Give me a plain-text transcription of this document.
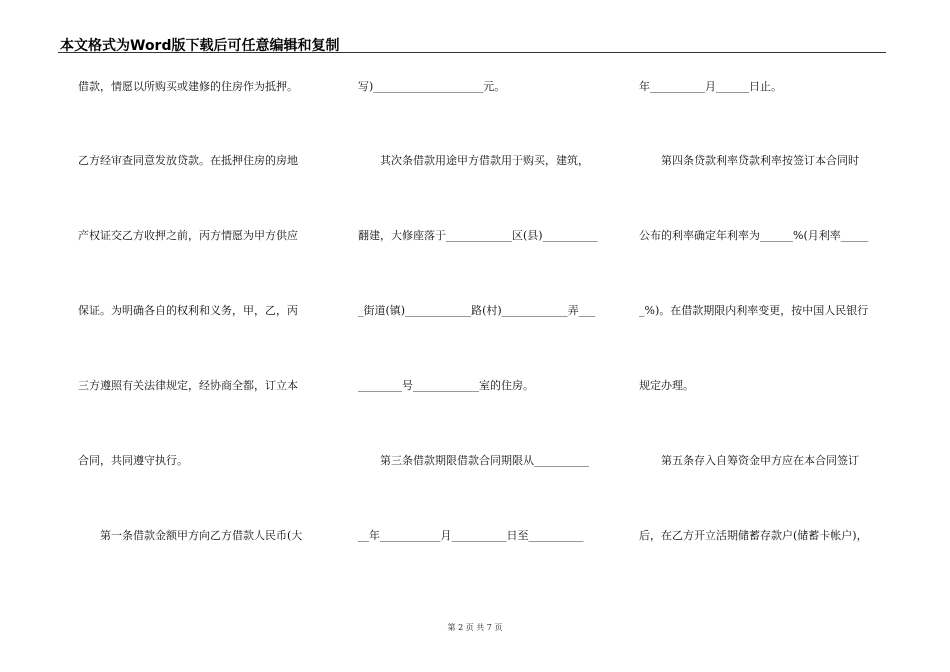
本文格式为Word版下载后可任意编辑和复制
借款，情愿以所购买或建修的住房作为抵押。
乙方经审查同意发放贷款。在抵押住房的房地
产权证交乙方收押之前，丙方情愿为甲方供应
保证。为明确各自的权利和义务，甲，乙，丙
三方遵照有关法律规定，经协商全都，订立本
合同，共同遵守执行。
　　第一条借款金额甲方向乙方借款人民币(大
写)____________________元。
　　其次条借款用途甲方借款用于购买，建筑，
翻建，大修座落于____________区(县)__________
_街道(镇)____________路(村)____________弄___
________号____________室的住房。
　　第三条借款期限借款合同期限从__________
__年___________月__________日至__________
年__________月______日止。
　　第四条贷款利率贷款利率按签订本合同时
公布的利率确定年利率为______%(月利率_____
_%)。在借款期限内利率变更，按中国人民银行
规定办理。
　　第五条存入自筹资金甲方应在本合同签订
后，在乙方开立活期储蓄存款户(储蓄卡帐户)，
第 2 页 共 7 页
